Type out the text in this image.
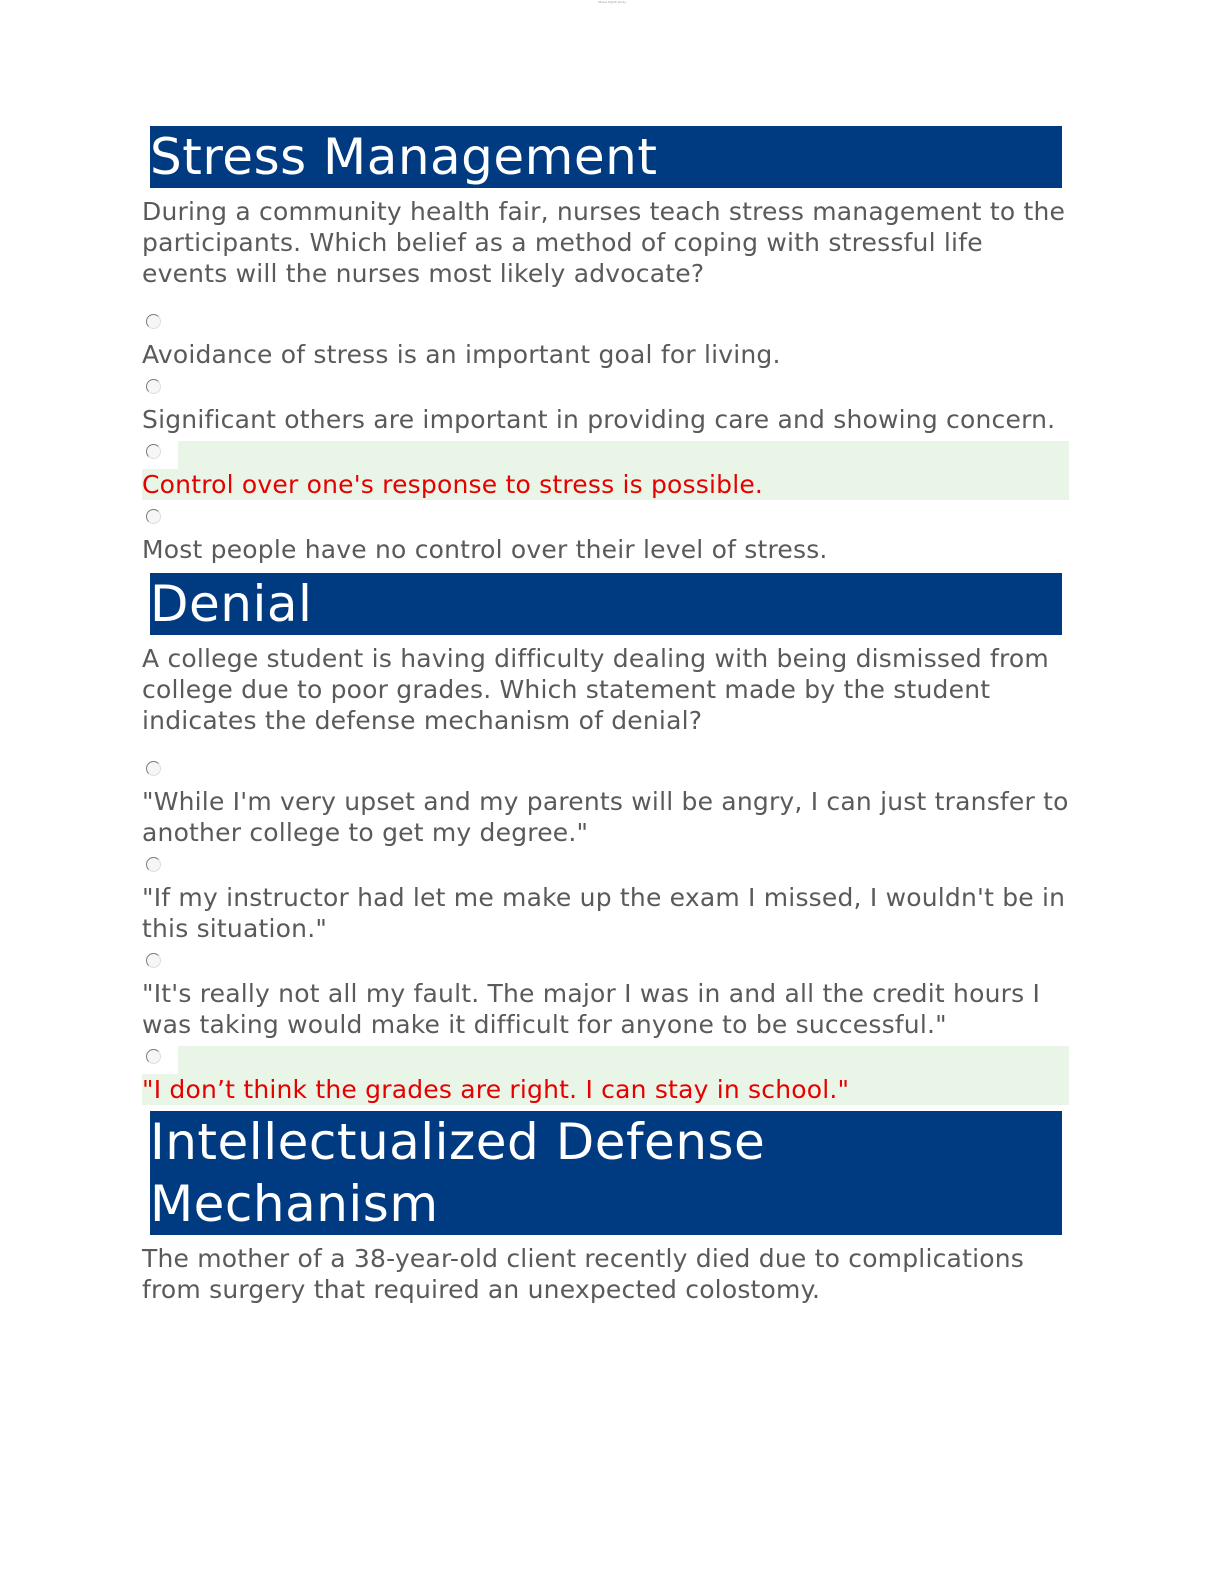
Stress Mgmt study
Stress Management
During a community health fair, nurses teach stress management to the participants. Which belief as a method of coping with stressful life events will the nurses most likely advocate?
Avoidance of stress is an important goal for living.
Significant others are important in providing care and showing concern.
Control over one's response to stress is possible.
Most people have no control over their level of stress.
Denial
A college student is having difficulty dealing with being dismissed from college due to poor grades. Which statement made by the student indicates the defense mechanism of denial?
"While I'm very upset and my parents will be angry, I can just transfer to another college to get my degree."
"If my instructor had let me make up the exam I missed, I wouldn't be in this situation."
"It's really not all my fault. The major I was in and all the credit hours I was taking would make it difficult for anyone to be successful."
"I don’t think the grades are right. I can stay in school."
Intellectualized Defense Mechanism
The mother of a 38-year-old client recently died due to complications from surgery that required an unexpected colostomy.
